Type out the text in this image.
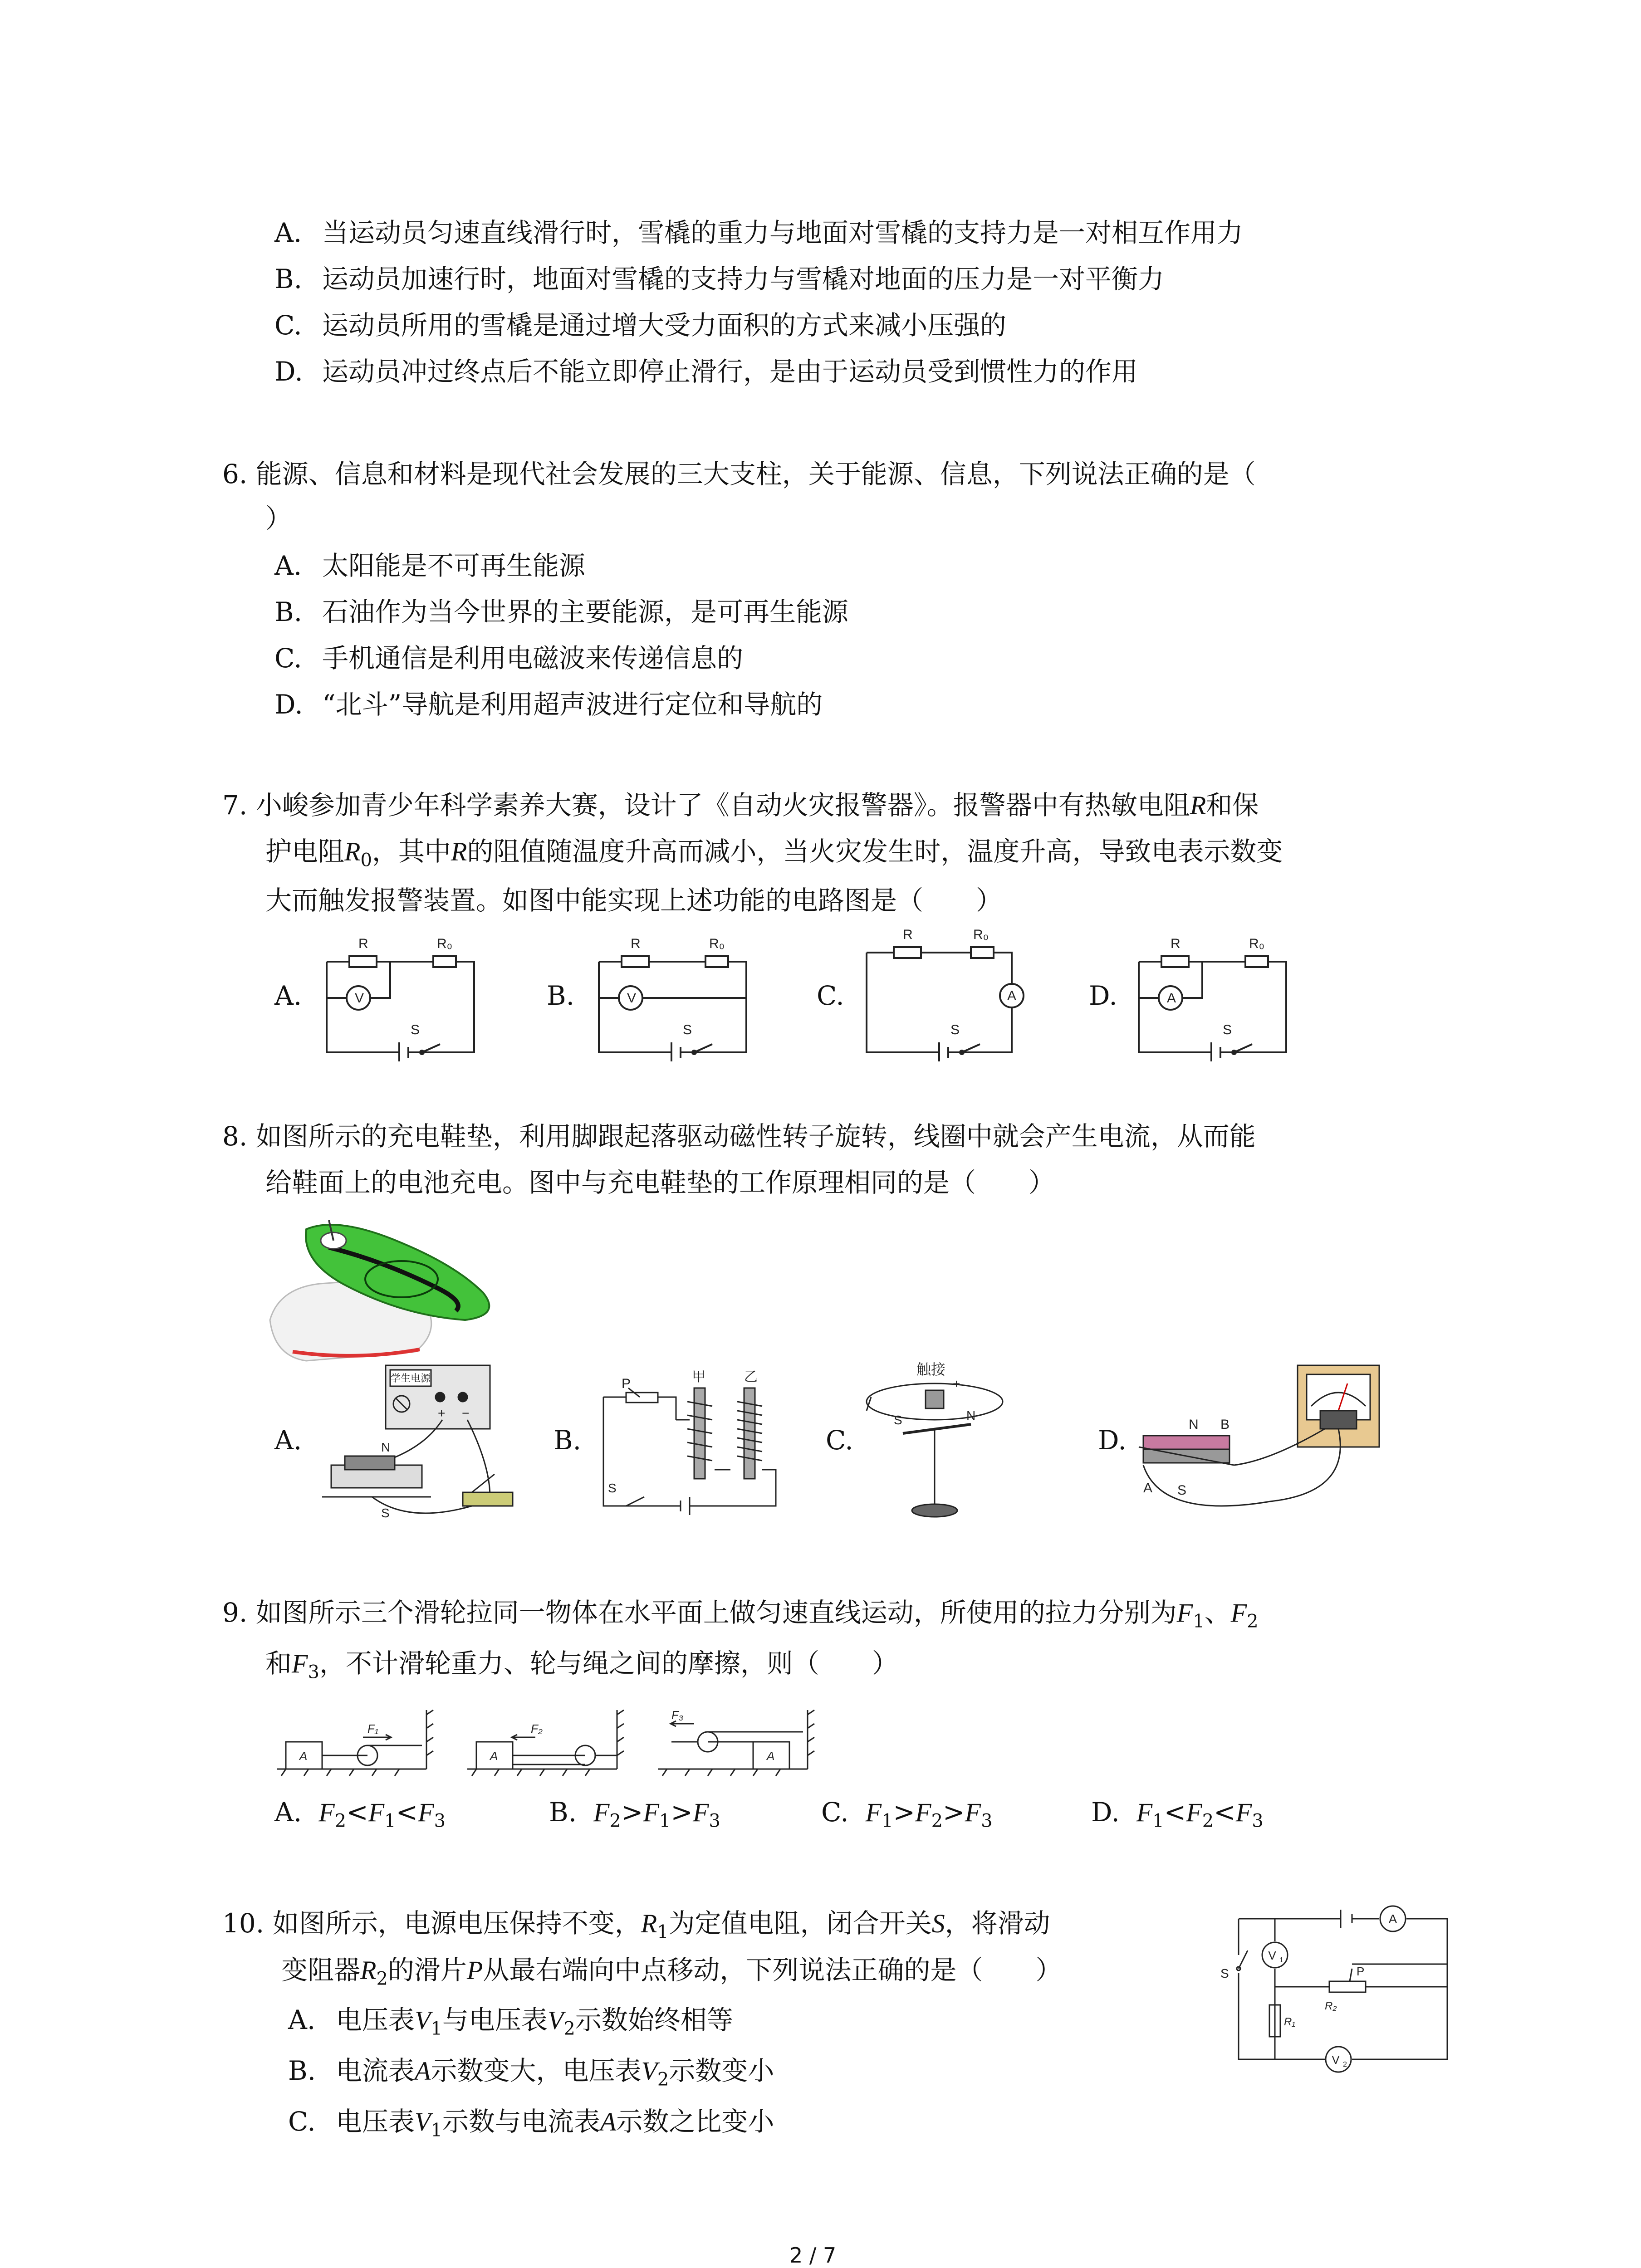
A. 当运动员匀速直线滑行时，雪橇的重力与地面对雪橇的支持力是一对相互作用力
B. 运动员加速行时，地面对雪橇的支持力与雪橇对地面的压力是一对平衡力
C. 运动员所用的雪橇是通过增大受力面积的方式来减小压强的
D. 运动员冲过终点后不能立即停止滑行，是由于运动员受到惯性力的作用
6. 能源、信息和材料是现代社会发展的三大支柱，关于能源、信息，下列说法正确的是（
）
A. 太阳能是不可再生能源
B. 石油作为当今世界的主要能源，是可再生能源
C. 手机通信是利用电磁波来传递信息的
D. “北斗”导航是利用超声波进行定位和导航的
7. 小峻参加青少年科学素养大赛，设计了《自动火灾报警器》。报警器中有热敏电阻R和保
护电阻$R_0$，其中R的阻值随温度升高而减小，当火灾发生时，温度升高，导致电表示数变
大而触发报警装置。如图中能实现上述功能的电路图是（　　）
A.	B.	C.	D.
V
R	R₀
S
V
R	R₀
S
A
R	R₀
S
A
R	R₀
S
8. 如图所示的充电鞋垫，利用脚跟起落驱动磁性转子旋转，线圈中就会产生电流，从而能
给鞋面上的电池充电。图中与充电鞋垫的工作原理相同的是（　　）
A.	B.	C.	D.
学生电源
+ −
N
S
P	甲	乙
S
触接
+
S	N
N B
A S
9. 如图所示三个滑轮拉同一物体在水平面上做匀速直线运动，所使用的拉力分别为$F_1$、$F_2$
和$F_3$，不计滑轮重力、轮与绳之间的摩擦，则（　　）
A
F₁
A
F₂
A
F₃
A. $F_2<F_1<F_3$	B. $F_2>F_1>F_3$	C. $F_1>F_2>F_3$	D. $F_1<F_2<F_3$
10. 如图所示，电源电压保持不变，$R_1$为定值电阻，闭合开关S，将滑动
变阻器$R_2$的滑片P从最右端向中点移动，下列说法正确的是（　　）
A. 电压表$V_1$与电压表$V_2$示数始终相等
B. 电流表A示数变大，电压表$V_2$示数变小
C. 电压表$V_1$示数与电流表A示数之比变小
A
V 1
S	P
R₂
R₁
V 2
2 / 7
